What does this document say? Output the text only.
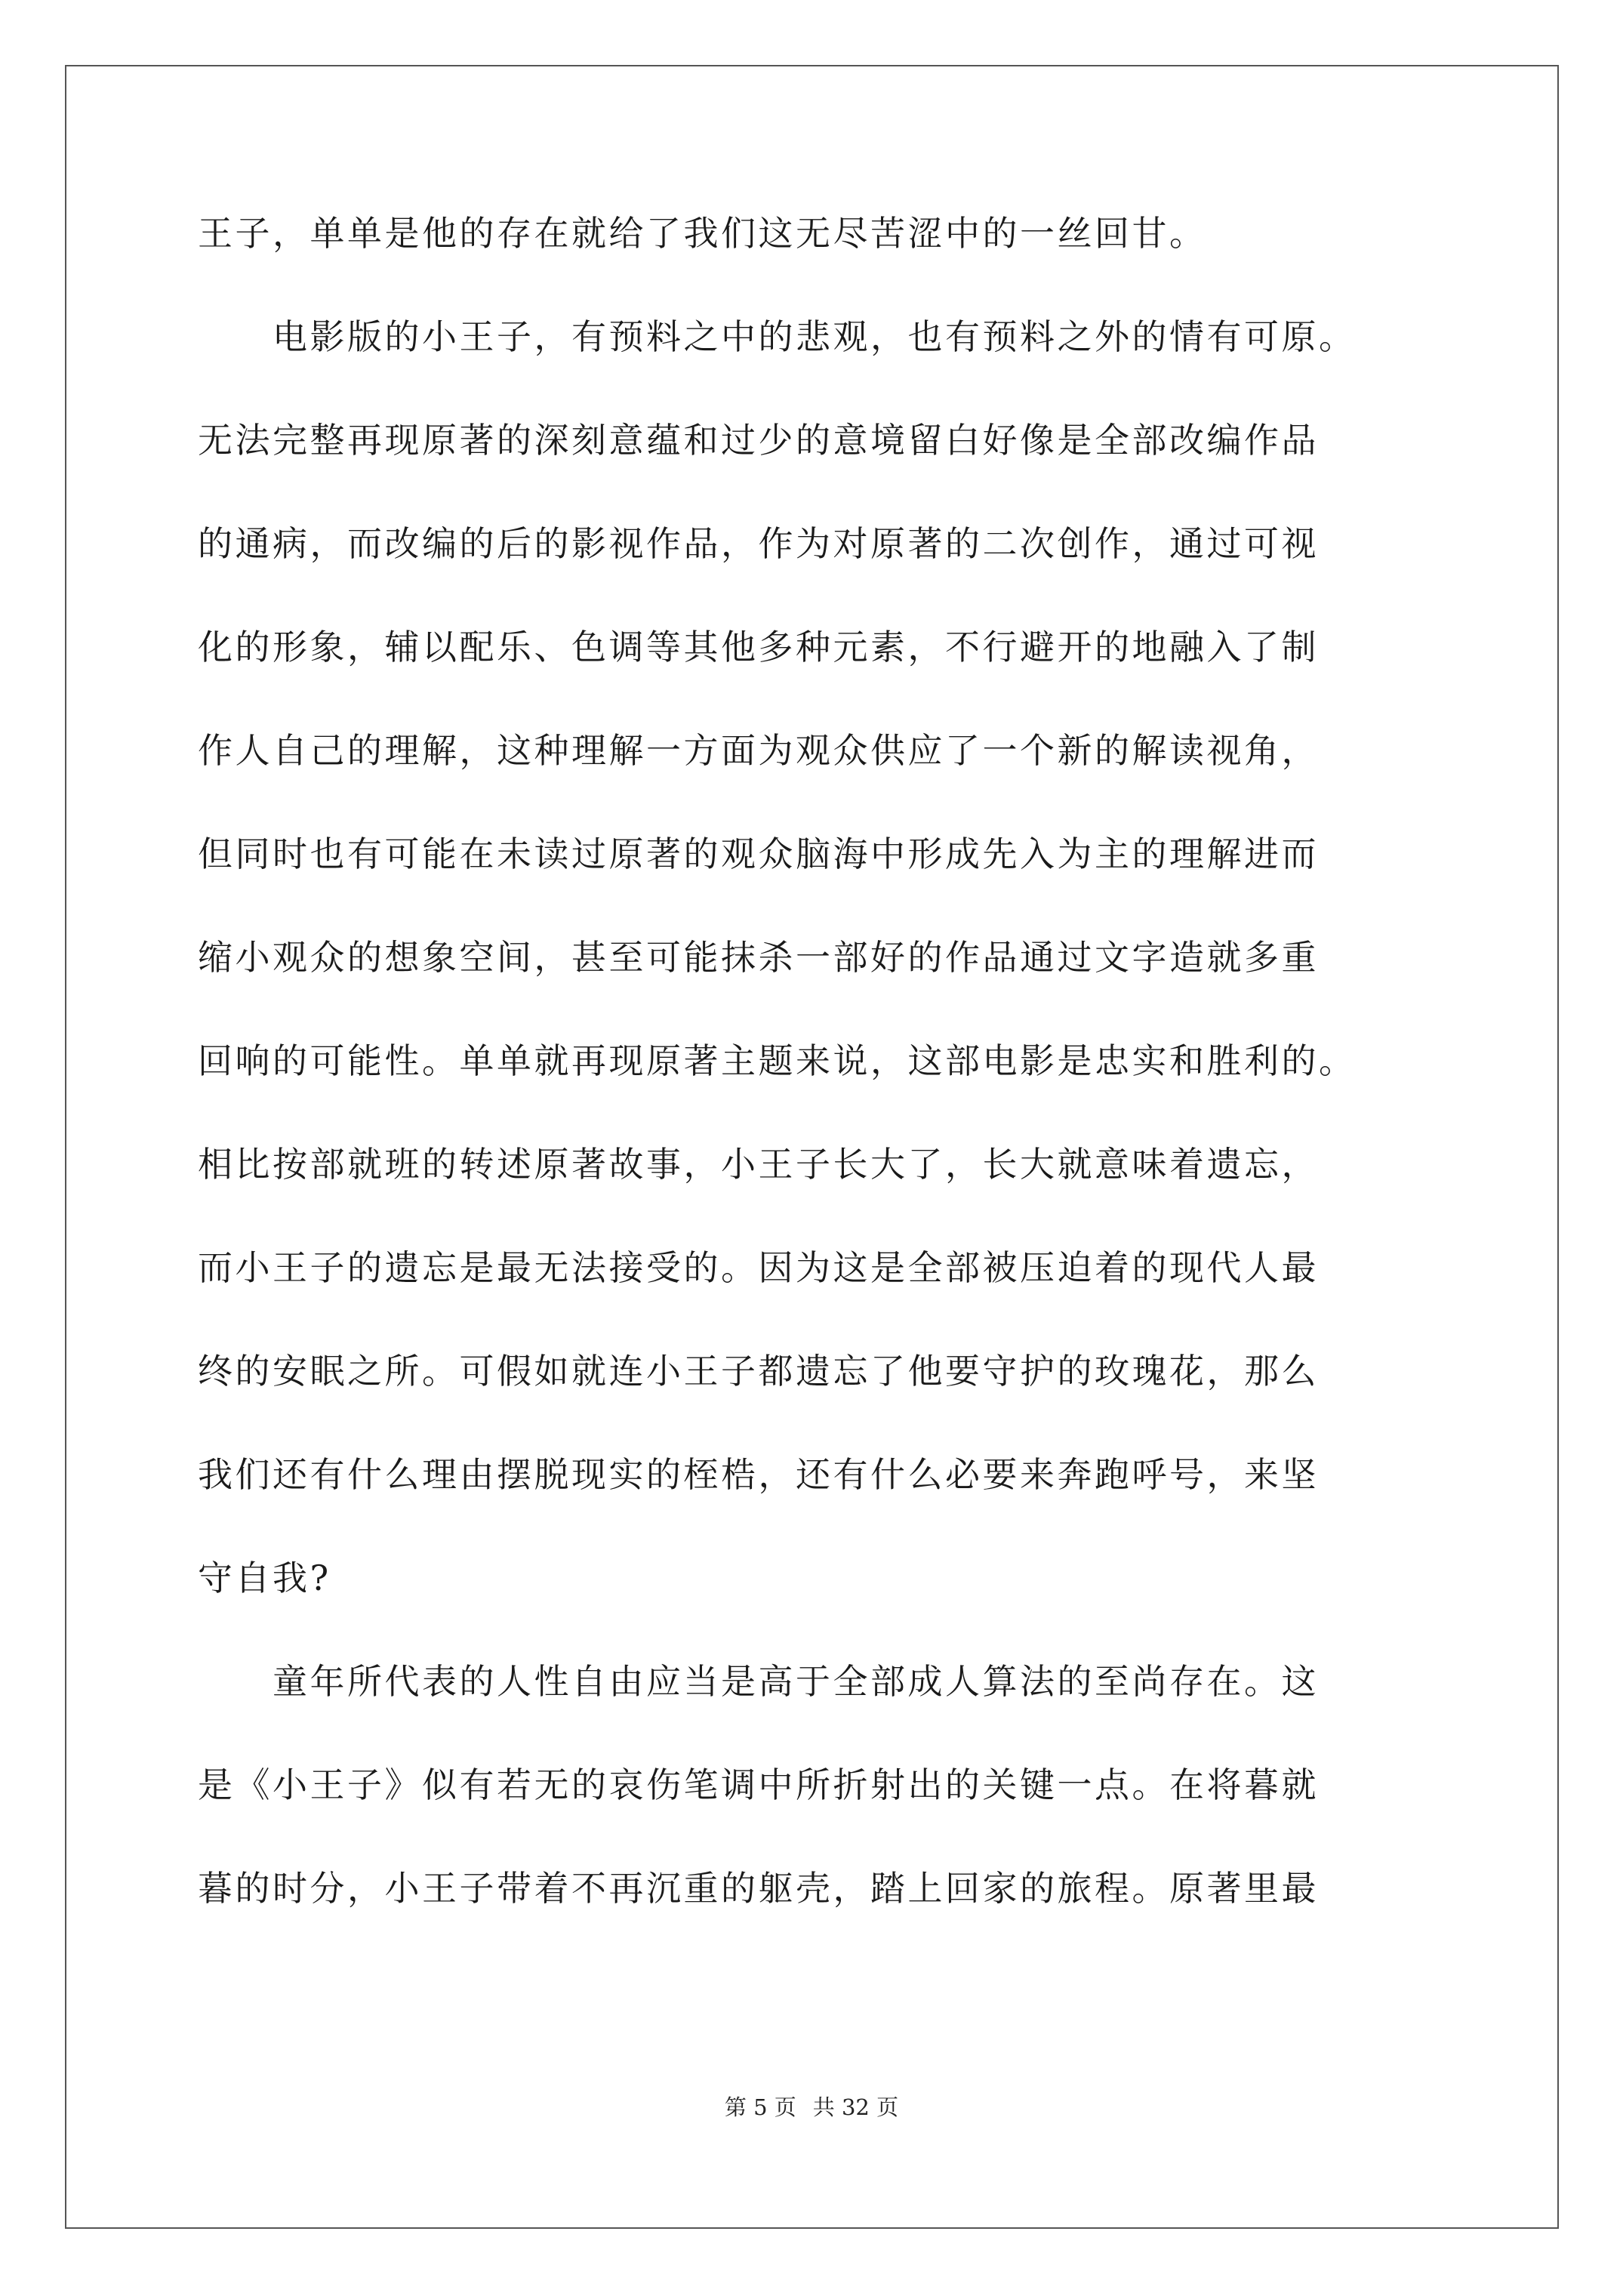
王子，单单是他的存在就给了我们这无尽苦涩中的一丝回甘。
　　电影版的小王子，有预料之中的悲观，也有预料之外的情有可原。
无法完整再现原著的深刻意蕴和过少的意境留白好像是全部改编作品
的通病，而改编的后的影视作品，作为对原著的二次创作，通过可视
化的形象，辅以配乐、色调等其他多种元素，不行避开的地融入了制
作人自己的理解，这种理解一方面为观众供应了一个新的解读视角，
但同时也有可能在未读过原著的观众脑海中形成先入为主的理解进而
缩小观众的想象空间，甚至可能抹杀一部好的作品通过文字造就多重
回响的可能性。单单就再现原著主题来说，这部电影是忠实和胜利的。
相比按部就班的转述原著故事，小王子长大了，长大就意味着遗忘，
而小王子的遗忘是最无法接受的。因为这是全部被压迫着的现代人最
终的安眠之所。可假如就连小王子都遗忘了他要守护的玫瑰花，那么
我们还有什么理由摆脱现实的桎梏，还有什么必要来奔跑呼号，来坚
守自我?
　　童年所代表的人性自由应当是高于全部成人算法的至尚存在。这
是《小王子》似有若无的哀伤笔调中所折射出的关键一点。在将暮就
暮的时分，小王子带着不再沉重的躯壳，踏上回家的旅程。原著里最
第 5 页 共 32 页
